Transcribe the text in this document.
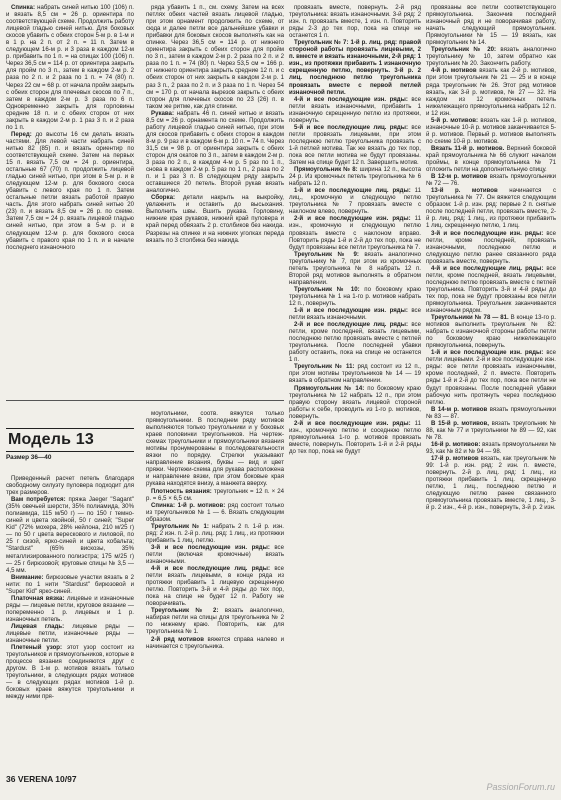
Спинка: набрать синей нитью 100 (106) п. и вязать 8,5 см = 26 р. ориентира по соответствующей схеме. Продолжить работу лицевой гладью синей нитью. Для боковых скосов убавить с обеих сторон 5-м р. в 1-м и в 1 р. на 2 п. от 2 п. = 11 п. Затем в следующем 16-м р. и 3 раза в каждом 12-м р. прибавить по 1 п. = на спицах 100 (106) п. Через 36,5 см = 114 р. от ориентира закрыть для пройм по 3 п., затем в каждом 2-м р. 2 раза по 2 п. и 2 раза по 1 п. = 74 (80) п. Через 22 см = 68 р. от начала пройм закрыть с обеих сторон для плечевых скосов по 7 п., затем в каждом 2-м р. 3 раза по 6 п. Одновременно закрыть для горловины средние 18 п. и с обеих сторон от них закрыть в каждом 2-м р. 1 раз 3 п. и 2 раза по 1 п.

Перед: до высоты 16 см делать вязать частями. Для левой части набрать синей нитью 82 (85) п. и вязать ориентир по соответствующей схеме. Затем на первых 15 п. вязать 7,5 см = 24 р. ориентира, остальные 67 (70) п. продолжить лицевой гладью синей нитью, при этом в 5-м р. и в следующем 12-м р. для бокового скоса убавить с левого края по 1 п. Затем остальные петли вязать работой правую часть. Для этого набрать синей нитью 20 (23) п. и вязать 8,5 см = 26 р. по схеме. Затем 7,5 см = 24 р. вязать лицевой гладью синей нитью, при этом в 5-м р. и в следующем 12-м р. для бокового скоса убавить с правого края по 1 п. и в начале последнего изнаночного

ряда убавить 1 п., см. схему. Затем на всех петлях обеих частей вязать лицевой гладью, при этом орнамент продолжить по схеме, от сюда и далее петли все дальнейшие убавки и прибавки для боковых скосов выполнять как на спинке. Через 36,5 см = 114 р. от нижнего ориентира закрыть с обеих сторон для пройм по 3 п., затем в каждом 2-м р. 2 раза по 2 п. и 2 раза по 1 п. = 74 (80) п. Через 53,5 см = 166 р. от нижнего ориентира закрыть средние 12 п. и с обеих сторон от них закрыть в каждом 2-м р. 1 раз 3 п., 2 раза по 2 п. и 3 раза по 1 п. Через 54 см = 170 р. от начала вырезов закрыть с обеих сторон для плечевых скосов по 23 (26) п. в таком же ритме, как для спинки.

Рукава: набрать 46 п. синей нитью и вязать 8,5 см = 26 р. орнамента по схеме. Продолжить работу лицевой гладью синей нитью, при этом для скосов прибавить с обеих сторон в каждом 8-м р. 9 раз и в каждом 6-м р. 10 п. = 74 п. Через 31,5 см = 98 р. от ориентира закрыть с обеих сторон для окатов по 3 п., затем в каждом 2-м р. 3 раза по 2 п., в каждом 4-м р. 5 раз по 1 п., снова в каждом 2-м р. 5 раз по 1 п., 2 раза по 2 п. и 1 раз 3 п. В следующем ряду закрыть оставшиеся 20 петель. Второй рукав вязать аналогично.

Сборка: детали накрыть на выкройку, увлажнить и оставить до высыхания. Выполнить швы. Вшить рукава. Горловину, нижние края рукавов, нижний край пуловера и край перед обвязать 2 р. столбиков без накида. Разрезы на спинке и на нижних уголках переда вязать по 3 столбика без накида.

провязать вместе, повернуть. 2-й ряд треугольника: вязать изнаночными. 3-й ряд: 2 изн. п. провязать вместе, 1 изн. п. Повторить ряды 2-3 до тех пор, пока на спице не останется 1 п.

Треугольник № 7: 1-й р. лиц. ряд: правой стороной работы провязать лицевыми, 2 п. вместе и вязать изнаночными, 2-й ряд: 1 изн., из протяжки прибавить 1 изнаночную скрещенную петлю, повернуть. 3-й р. 2 лиц. последнюю петлю треугольника провязать вместе с первой петлей изнаночной петли.

4-й и все последующие изн. ряды: все петли вязать изнаночными, прибавить 1 изнаночную скрещенную петлю из протяжки, повернуть.

5-й и все последующие лиц. ряды: все петли провязать лицевыми, при этом последнюю петлю треугольника провязать с 1-й петлей мотива. Так же вязать до тех пор, пока все петли мотива не будут провязаны. Затем на спице будет 12 п. Завершить мотив.

Прямоугольник № 8: ширина 12 п., высота 24 р. Из кромочных петель треугольника № 6 набрать 12 п.

1-й и все последующие лиц. ряды: 11 лиц., кромочную и следующую петлю треугольника № 7 провязать вместе с наклоном влево, повернуть.

2-й и все последующие изн. ряды: 11 изн., кромочную и следующую петлю провязать вместе с наклоном вправо. Повторить ряды 1-й и 2-й до тех пор, пока не будут провязаны все петли треугольника № 7.

Треугольник № 9: вязать аналогично треугольнику № 7, при этом из кромочных петель треугольника № 8 набрать 12 п. Второй ряд мотивов выполнять в обратном направлении.

Треугольник № 10: по боковому краю треугольника № 1 на 1-го р. мотивов набрать 12 п., повернуть.

1-й и все последующие изн. ряды: все петли вязать изнаночными.

2-й и все последующие лиц. ряды: все петли, кроме последней, вязать лицевыми, последнюю петлю провязать вместе с петлей треугольника. После последней убавки работу оставить, пока на спице не останется 1 п.

Треугольник № 11: ряд состоит из 12 п., при этом мотивы треугольников № 14 — 19 вязать в обратном направлении.

Прямоугольник № 14: по боковому краю треугольника № 12 набрать 12 п., при этом правую сторону вязать лицевой стороной работы к себе, проводить из 1-го р. мотивов, повернуть.

2-й и все последующие изн. ряды: 11 изн., кромочную петлю и соседнюю петлю прямоугольника 1-го р. мотивов провязать вместе, повернуть. Повторить 1-й и 2-й ряды до тех пор, пока не будут

провязаны все петли соответствующего прямоугольника. Закончив последний изнаночный ряд и не поворачивая работу, начать следующий прямоугольник. Прямоугольники № 15 — 19 вязать, как прямоугольник № 14.

Треугольник № 20: вязать аналогично треугольнику № 10, затем обратно как треугольник № 20. Закончить работу.

4-й р. мотивов вязать как 2-й р. мотивов, при этом треугольник № 21 — 25 и в конце ряда треугольник № 26. Этот ряд мотивов вязать, как 3-й р. мотивов, № 27 — 32. На каждом из 12 кромочных петель нижележащего прямоугольника набрать 12 п. и 12 изн.

5-й р. мотивов: вязать как 1-й р. мотивов, изнаночные 10-й р. мотивов заканчивается 5-й р. мотивов. Первый р. мотивов выполнять по схеме 10-й р. мотивов.

Вязать 11-й р. мотивов. Верхний боковой край прямоугольника № 66 служит началом проймы, в конце прямоугольника № 71 отложить петли на дополнительную спицу.

В 12-м р. мотивов вязать прямоугольники № 72 — 76.

13-й р. мотивов начинается с треугольника № 77. Он вяжется следующим образом: 1-й р. изн. ряд: первые 2 п. снятые после последней петли, провязать вместе, 2-й р. лиц. ряд: 1 лиц., из протяжки прибавить 1 лиц. скрещенную петлю, 1 лиц.

3-й и все последующие изн. ряды: все петли, кроме последней, провязать изнаночными, последнюю петлю и следующую петлю ранее связанного ряда провязать вместе, повернуть.

4-й и все последующие лиц. ряды: все петли, кроме последней, вязать лицевыми, последнюю петлю провязать вместе с петлей треугольника. Повторить 3-й и 4-й ряды до тех пор, пока не будут провязаны все петли прямоугольника. Треугольник заканчивается изнаночным рядом.

Треугольники № 78 — 81. В конце 13-го р. мотивов выполнить треугольник № 82: набрать с изнаночной стороны работы петли по боковому краю нижележащего прямоугольника, повернуть.

1-й и все последующие изн. ряды: все петли лицевыми. 2-й и все последующие изн. ряды: все петли провязать изнаночными, кроме последней, 2 п. вместе. Повторить ряды 1-й и 2-й до тех пор, пока все петли не будут провязаны. После последней убавки рабочую нить протянуть через последнюю петлю.

В 14-м р. мотивов вязать прямоугольники № 83 — 87.

В 15-й р. мотивов, вязать треугольник № 88, как № 77 и треугольники № 89 — 92, как № 78.

16-й р. мотивов: вязать прямоугольники № 93, как № 82 и № 94 — 98.

17-й р. мотивов вязать, как треугольник № 99: 1-й р. изн. ряд: 2 изн. п. вместе, повернуть. 2-й р. лиц. ряд: 1 лиц., из протяжки прибавить 1 лиц. скрещенную петлю, 1 лиц., последнюю петлю и следующую петлю ранее связанного прямоугольника провязать вместе, 1 лиц., 3-й р. 2 изн., 4-й р. изн., повернуть, 3-й р. 2 изн.

Модель 13
Размер 36—40

Приведенный расчет петель благодаря свободному силуэту пуловера подходит для трех размеров.

Вам потребуется: пряжа Jaeger "Sagant" (35% овечьей шерсти, 35% полиамида, 30% полиамида, 115 м/50 г) — по 150 г темно-синей и цвета хвойной, 50 г синей; "Super Kid" (72% мохера, 28% нейлона, 210 м/25 г) — по 50 г цвета верескового и лиловой, по 25 г сизой, ярко-синей и цвета кобальта; "Stardust" (65% вискозы, 35% металлизированного полиэстра; 175 м/25 г) — 25 г бирюзовой; круговые спицы № 3,5 — 4,5 мм.

Внимание: бирюзовые участки вязать в 2 нити: по 1 нити "Stardust" бирюзовой и "Super Kid" ярко-синей.

Платочная вязка: лицевые и изнаночные ряды — лицевые петли, круговое вязание — попеременно 1 р. лицевых и 1 р. изнаночных петель.

Лицевая гладь: лицевые ряды — лицевые петли, изнаночные ряды — изнаночные петли.

Плетеный узор: этот узор состоит из треугольников и прямоугольников, которые в процессе вязания соединяются друг с другом. В 1-м р. мотивов вязать только треугольники, в следующих рядах мотивов — в следующих рядах мотивов 1-й р. боковых краев вяжутся треугольники и между ними пря-

моугольники, соотв. вяжутся только прямоугольники. В последнем ряду мотивов выполняются только треугольники и у боковых краев половинки треугольников. На чертеж-схемах треугольники и прямоугольники вязания мотивы пронумерованы в последовательности вязки по порядку. Стрелки указывают направление вязания, буквы — вид и цвет пряжи. Чертежи-схема для рукава расположена и направление вязки, при этом боковые края рукава находятся внизу, а манжета вверху.

Плотность вязания: треугольник = 12 п. × 24 р. = 6,5 × 6,5 см.

Спинка: 1-й р. мотивов: ряд состоит только из треугольников № 1 — 6. Вязать следующим образом.

Треугольник № 1: набрать 2 п. 1-й р. изн. ряд: 2 изн. п. 2-й р. лиц. ряд: 1 лиц., из протяжки прибавить 1 лиц. петлю.

3-й и все последующие изн. ряды: все петли (включая кромочные) вязать изнаночными.

4-й и все последующие лиц. ряды: все петли вязать лицевыми, в конце ряда из протяжки прибавить 1 лицевую скрещенную петлю. Повторить 3-й и 4-й ряды до тех пор, пока на спице не будет 12 п. Работу не поворачивать.

Треугольник № 2: вязать аналогично, набирая петли на спицы для треугольника № 2 по нижнему краю. Повторить, как для треугольника № 1.

2-й ряд мотивов вяжется справа налево и начинается с треугольника.

36 VERENA 10/97
PassionForum.ru
